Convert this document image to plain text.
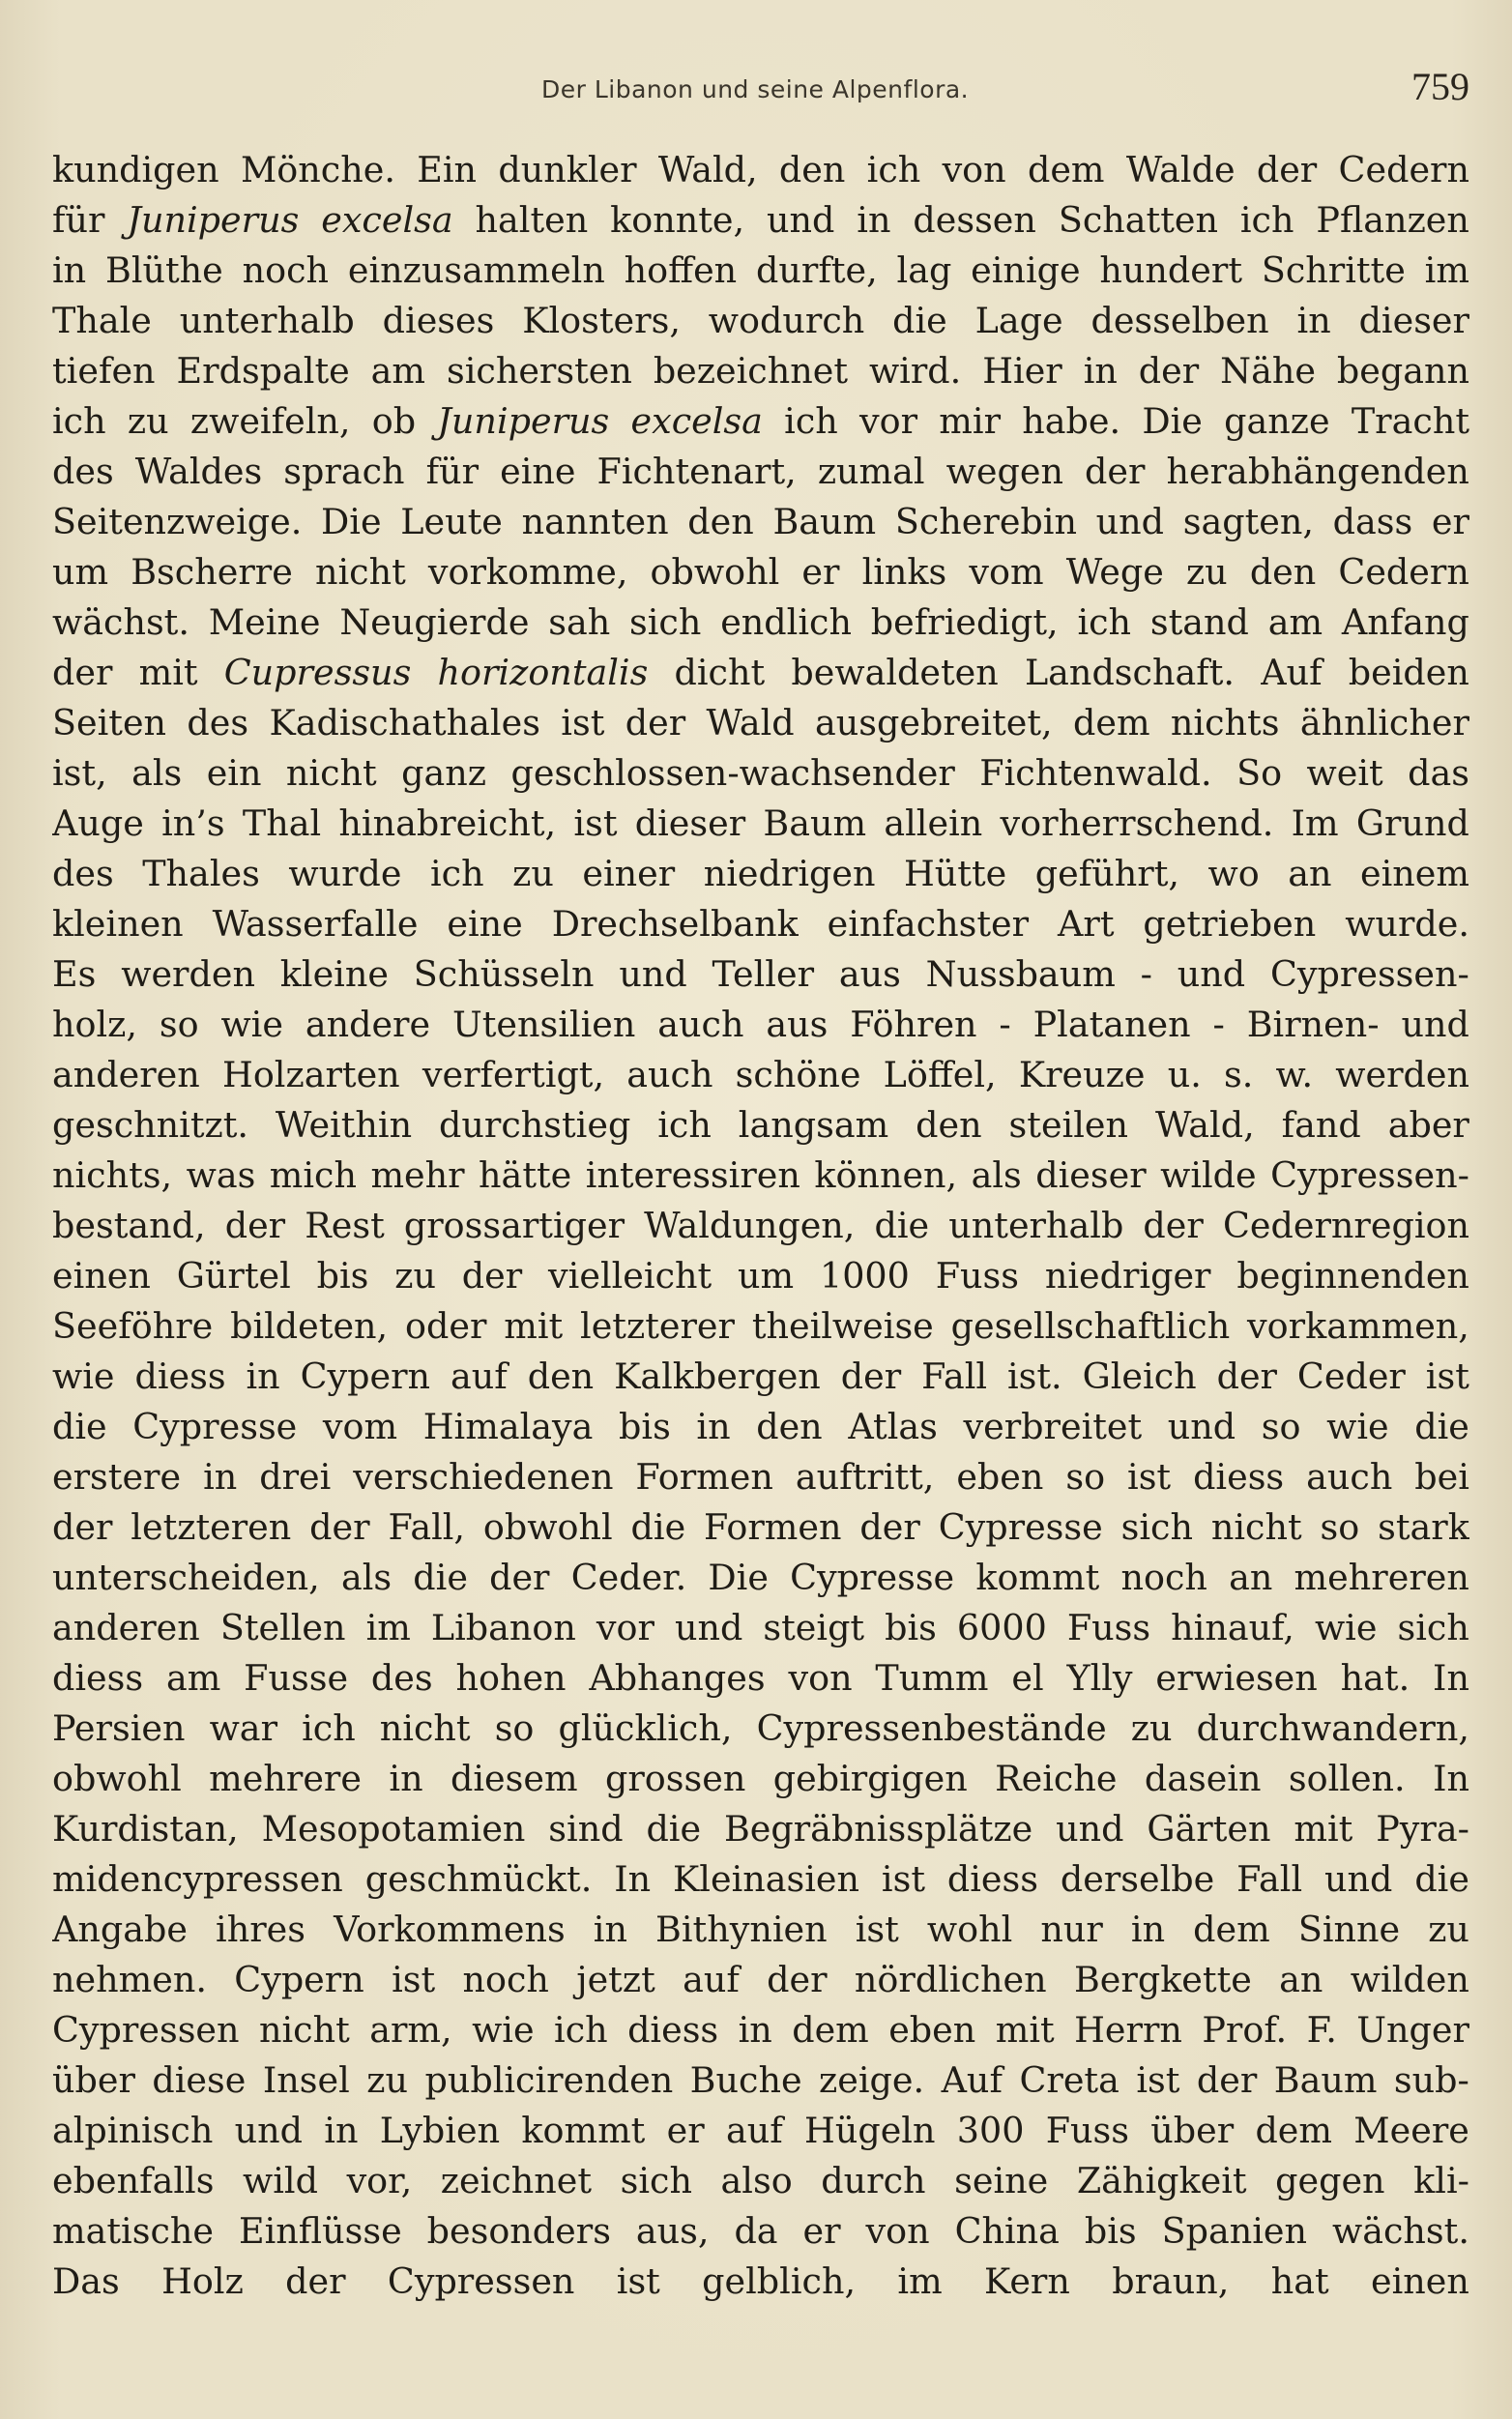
Der Libanon und seine Alpenflora.	759
kundigen Mönche. Ein dunkler Wald, den ich von dem Walde der Cedern
für Juniperus excelsa halten konnte, und in dessen Schatten ich Pflanzen
in Blüthe noch einzusammeln hoffen durfte, lag einige hundert Schritte im
Thale unterhalb dieses Klosters, wodurch die Lage desselben in dieser
tiefen Erdspalte am sichersten bezeichnet wird. Hier in der Nähe begann
ich zu zweifeln, ob Juniperus excelsa ich vor mir habe. Die ganze Tracht
des Waldes sprach für eine Fichtenart, zumal wegen der herabhängenden
Seitenzweige. Die Leute nannten den Baum Scherebin und sagten, dass er
um Bscherre nicht vorkomme, obwohl er links vom Wege zu den Cedern
wächst. Meine Neugierde sah sich endlich befriedigt, ich stand am Anfang
der mit Cupressus horizontalis dicht bewaldeten Landschaft. Auf beiden
Seiten des Kadischathales ist der Wald ausgebreitet, dem nichts ähnlicher
ist, als ein nicht ganz geschlossen-wachsender Fichtenwald. So weit das
Auge in’s Thal hinabreicht, ist dieser Baum allein vorherrschend. Im Grund
des Thales wurde ich zu einer niedrigen Hütte geführt, wo an einem
kleinen Wasserfalle eine Drechselbank einfachster Art getrieben wurde.
Es werden kleine Schüsseln und Teller aus Nussbaum - und Cypressen-
holz, so wie andere Utensilien auch aus Föhren - Platanen - Birnen- und
anderen Holzarten verfertigt, auch schöne Löffel, Kreuze u. s. w. werden
geschnitzt. Weithin durchstieg ich langsam den steilen Wald, fand aber
nichts, was mich mehr hätte interessiren können, als dieser wilde Cypressen-
bestand, der Rest grossartiger Waldungen, die unterhalb der Cedernregion
einen Gürtel bis zu der vielleicht um 1000 Fuss niedriger beginnenden
Seeföhre bildeten, oder mit letzterer theilweise gesellschaftlich vorkammen,
wie diess in Cypern auf den Kalkbergen der Fall ist. Gleich der Ceder ist
die Cypresse vom Himalaya bis in den Atlas verbreitet und so wie die
erstere in drei verschiedenen Formen auftritt, eben so ist diess auch bei
der letzteren der Fall, obwohl die Formen der Cypresse sich nicht so stark
unterscheiden, als die der Ceder. Die Cypresse kommt noch an mehreren
anderen Stellen im Libanon vor und steigt bis 6000 Fuss hinauf, wie sich
diess am Fusse des hohen Abhanges von Tumm el Ylly erwiesen hat. In
Persien war ich nicht so glücklich, Cypressenbestände zu durchwandern,
obwohl mehrere in diesem grossen gebirgigen Reiche dasein sollen. In
Kurdistan, Mesopotamien sind die Begräbnissplätze und Gärten mit Pyra-
midencypressen geschmückt. In Kleinasien ist diess derselbe Fall und die
Angabe ihres Vorkommens in Bithynien ist wohl nur in dem Sinne zu
nehmen. Cypern ist noch jetzt auf der nördlichen Bergkette an wilden
Cypressen nicht arm, wie ich diess in dem eben mit Herrn Prof. F. Unger
über diese Insel zu publicirenden Buche zeige. Auf Creta ist der Baum sub-
alpinisch und in Lybien kommt er auf Hügeln 300 Fuss über dem Meere
ebenfalls wild vor, zeichnet sich also durch seine Zähigkeit gegen kli-
matische Einflüsse besonders aus, da er von China bis Spanien wächst.
Das Holz der Cypressen ist gelblich, im Kern braun, hat einen
